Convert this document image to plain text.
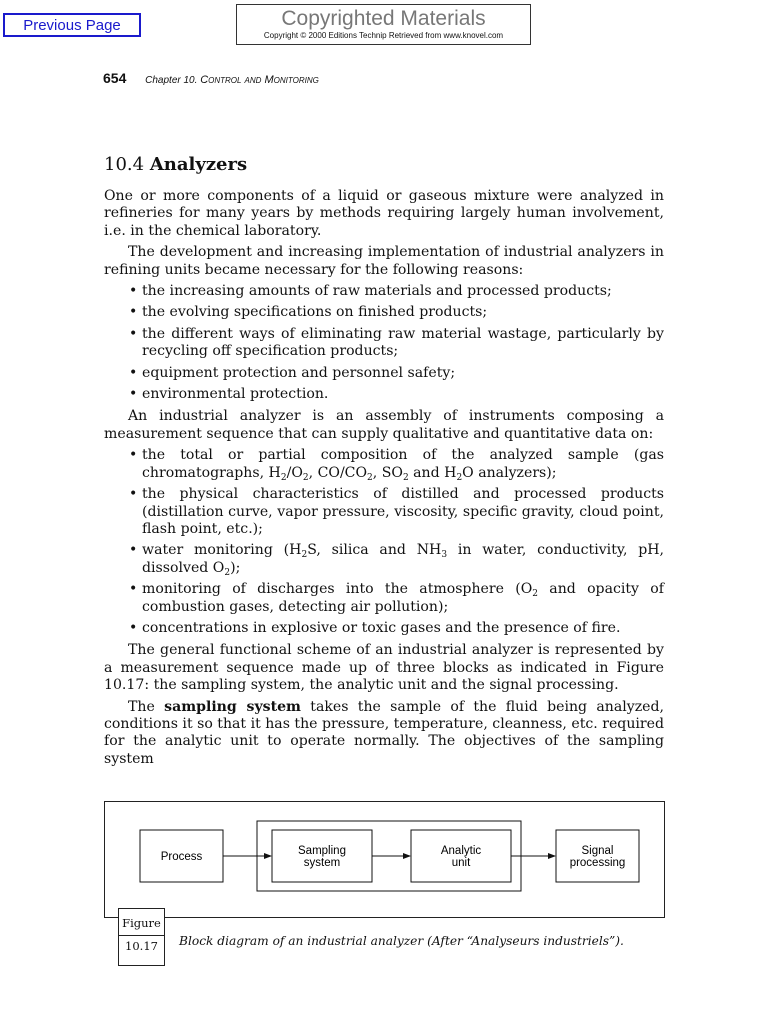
Previous Page	Copyrighted Materials
Copyright © 2000 Editions Technip Retrieved from www.knovel.com
654 Chapter 10. Control and Monitoring
10.4 Analyzers

One or more components of a liquid or gaseous mixture were analyzed in refineries for many years by methods requiring largely human involvement, i.e. in the chemical laboratory.

The development and increasing implementation of industrial analyzers in refining units became necessary for the following reasons:

• the increasing amounts of raw materials and processed products;
• the evolving specifications on finished products;
• the different ways of eliminating raw material wastage, particularly by recycling off specification products;
• equipment protection and personnel safety;
• environmental protection.

An industrial analyzer is an assembly of instruments composing a measurement sequence that can supply qualitative and quantitative data on:

• the total or partial composition of the analyzed sample (gas chromatographs, $H_2/O_2$, $CO/CO_2$, $SO_2$ and $H_2O$ analyzers);
• the physical characteristics of distilled and processed products (distillation curve, vapor pressure, viscosity, specific gravity, cloud point, flash point, etc.);
• water monitoring ($H_2S$, silica and $NH_3$ in water, conductivity, pH, dissolved $O_2$);
• monitoring of discharges into the atmosphere ($O_2$ and opacity of combustion gases, detecting air pollution);
• concentrations in explosive or toxic gases and the presence of fire.

The general functional scheme of an industrial analyzer is represented by a measurement sequence made up of three blocks as indicated in Figure 10.17: the sampling system, the analytic unit and the signal processing.

The sampling system takes the sample of the fluid being analyzed, conditions it so that it has the pressure, temperature, cleanness, etc. required for the analytic unit to operate normally. The objectives of the sampling system

Process	Sampling
system
Analytic
unit
Signal
processing
Figure
10.17	Block diagram of an industrial analyzer (After “Analyseurs industriels”).
